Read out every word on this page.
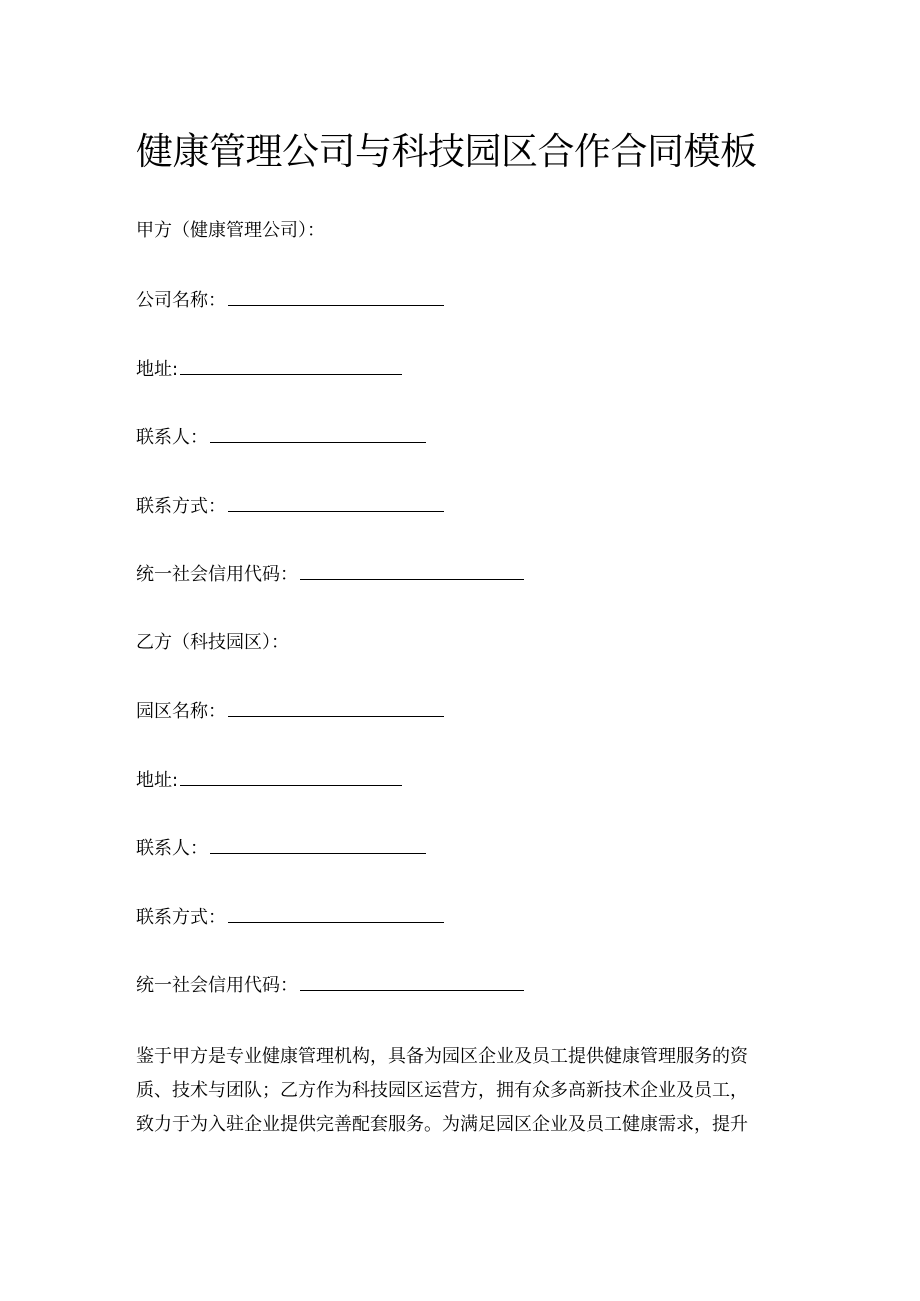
健康管理公司与科技园区合作合同模板
甲方（健康管理公司）：
公司名称：
地址:
联系人：
联系方式：
统一社会信用代码：
乙方（科技园区）：
园区名称：
地址:
联系人：
联系方式：
统一社会信用代码：
鉴于甲方是专业健康管理机构，具备为园区企业及员工提供健康管理服务的资
质、技术与团队；乙方作为科技园区运营方，拥有众多高新技术企业及员工，
致力于为入驻企业提供完善配套服务。为满足园区企业及员工健康需求，提升
